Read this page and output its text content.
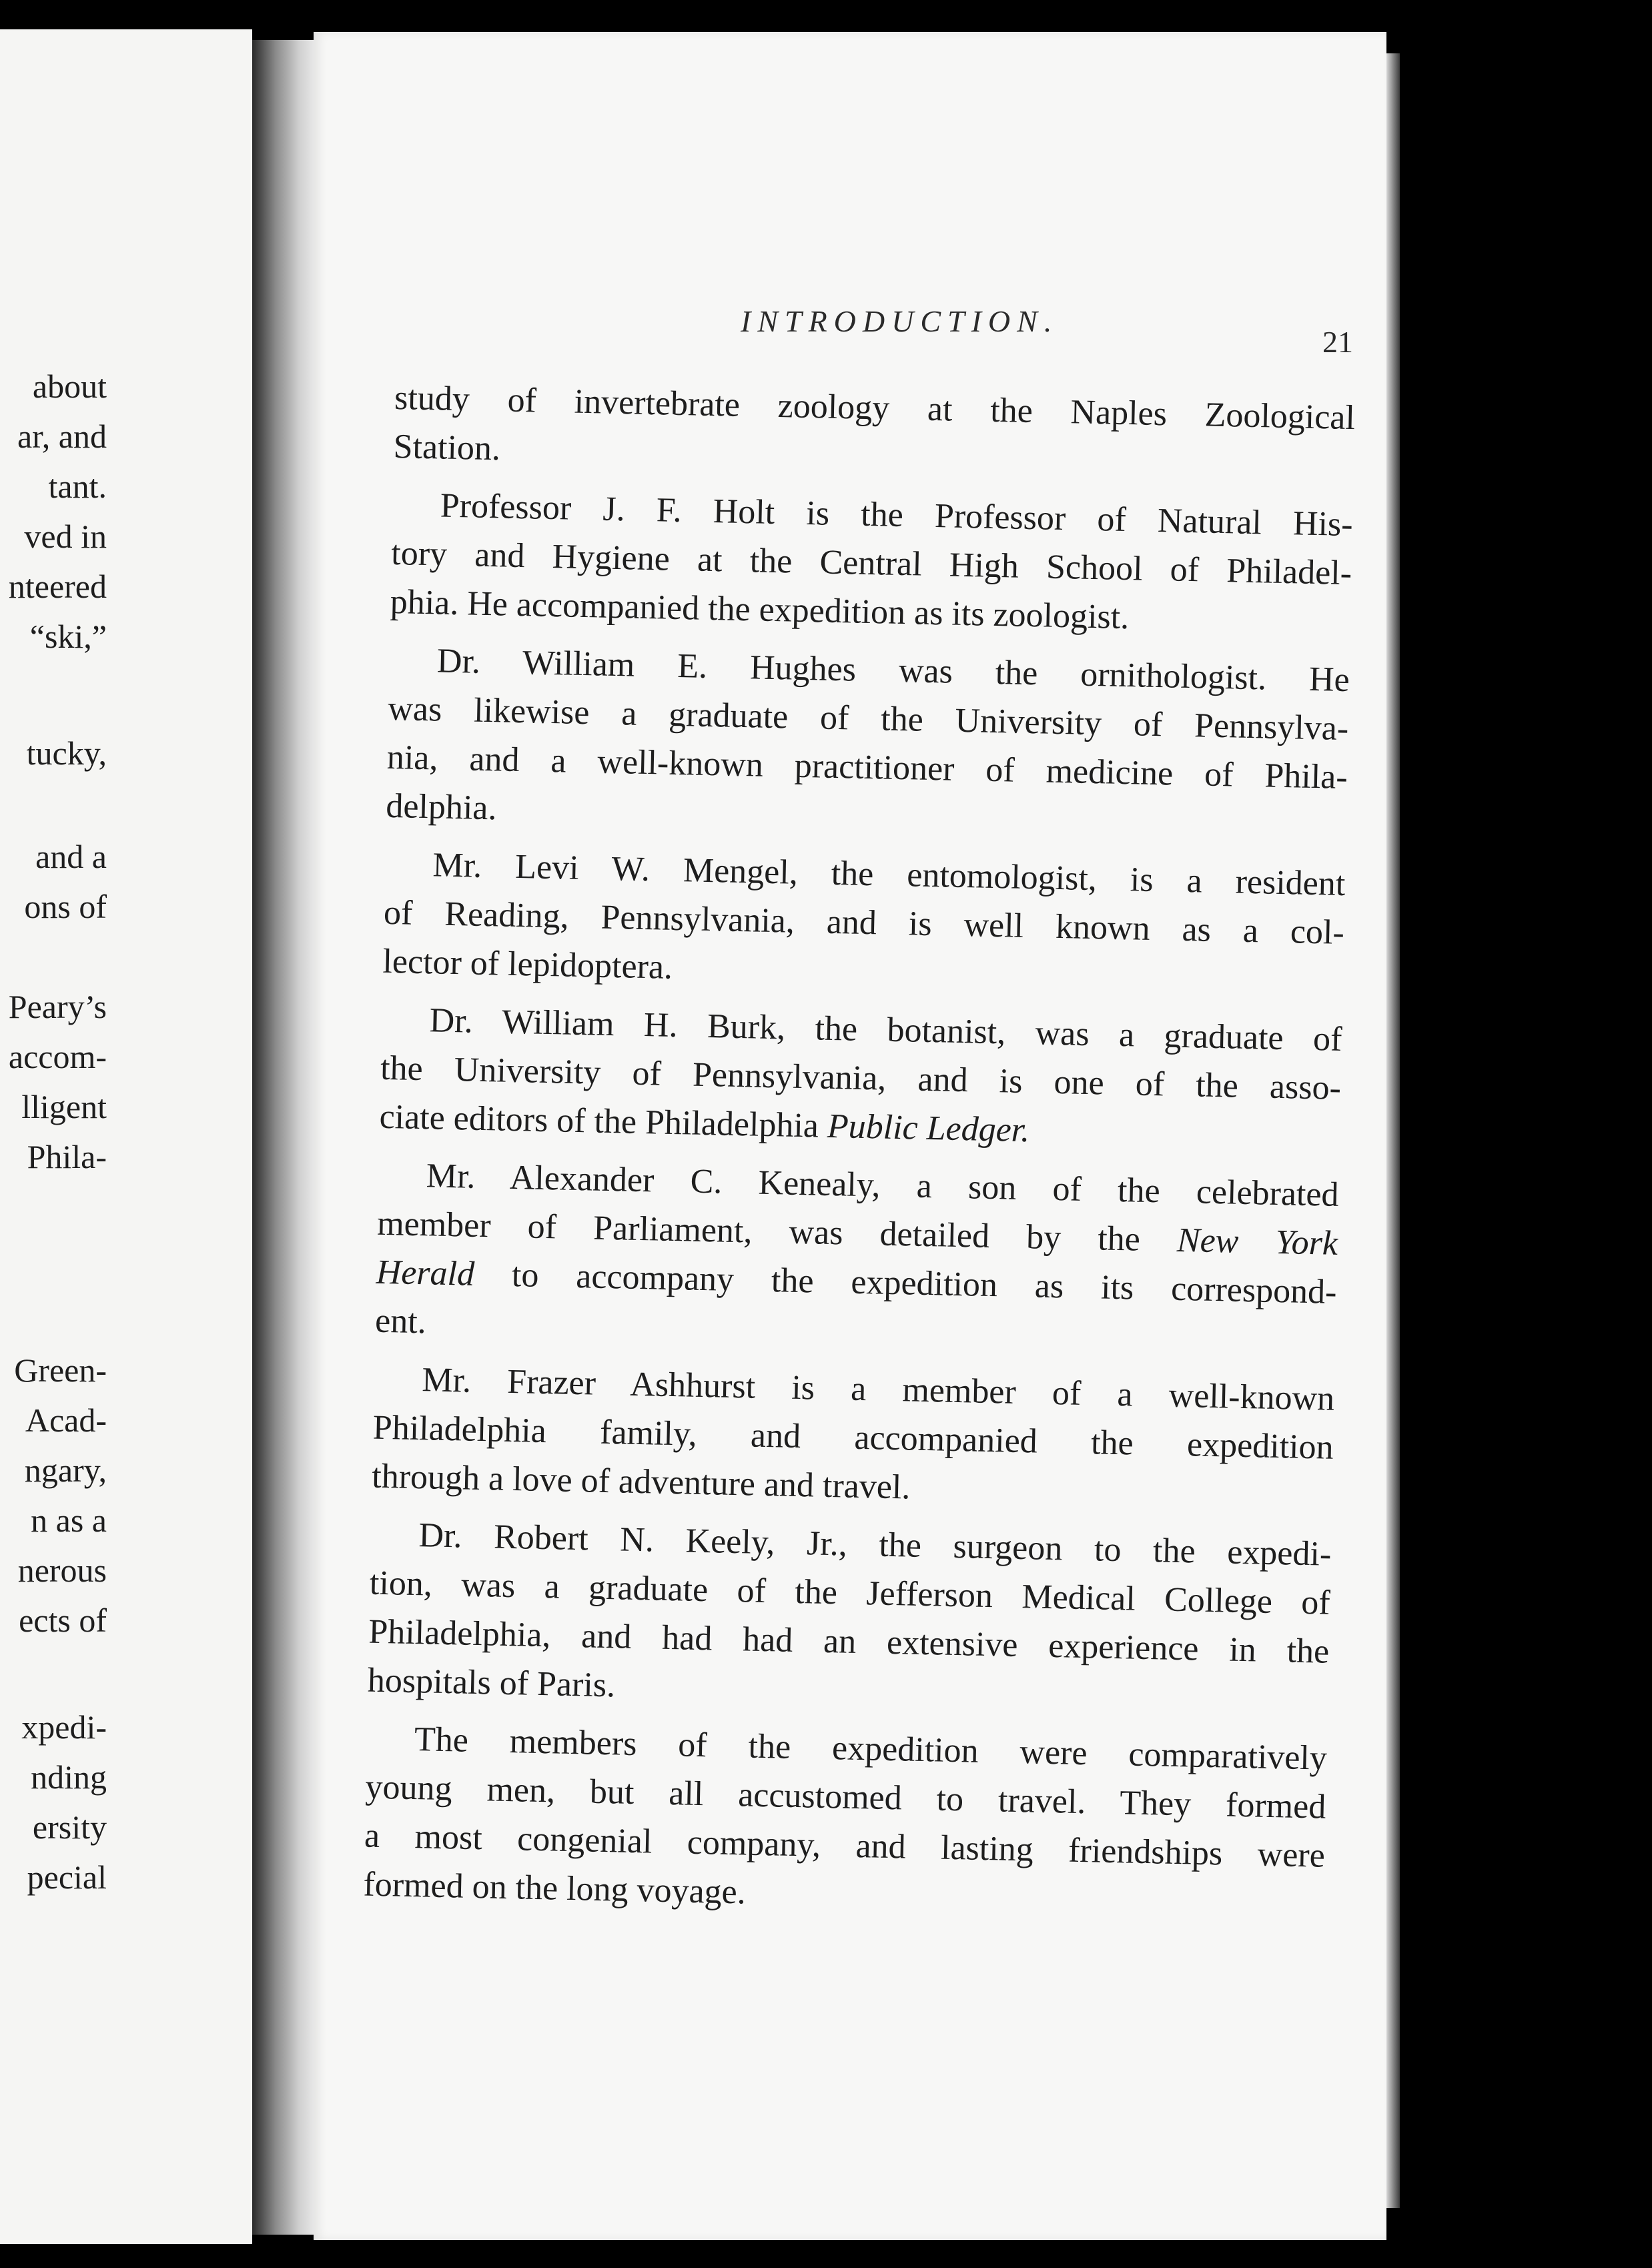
about
ar, and
tant.
ved in
nteered
“ski,”
tucky,
and a
ons of
Peary’s
accom-
lligent
Phila-
Green-
Acad-
ngary,
n as a
nerous
ects of
xpedi-
nding
ersity
pecial
INTRODUCTION.
21
study of invertebrate zoology at the Naples Zoological
Station.
Professor J. F. Holt is the Professor of Natural His-
tory and Hygiene at the Central High School of Philadel-
phia. He accompanied the expedition as its zoologist.
Dr. William E. Hughes was the ornithologist. He
was likewise a graduate of the University of Pennsylva-
nia, and a well-known practitioner of medicine of Phila-
delphia.
Mr. Levi W. Mengel, the entomologist, is a resident
of Reading, Pennsylvania, and is well known as a col-
lector of lepidoptera.
Dr. William H. Burk, the botanist, was a graduate of
the University of Pennsylvania, and is one of the asso-
ciate editors of the Philadelphia Public Ledger.
Mr. Alexander C. Kenealy, a son of the celebrated
member of Parliament, was detailed by the New York
Herald to accompany the expedition as its correspond-
ent.
Mr. Frazer Ashhurst is a member of a well-known
Philadelphia family, and accompanied the expedition
through a love of adventure and travel.
Dr. Robert N. Keely, Jr., the surgeon to the expedi-
tion, was a graduate of the Jefferson Medical College of
Philadelphia, and had had an extensive experience in the
hospitals of Paris.
The members of the expedition were comparatively
young men, but all accustomed to travel. They formed
a most congenial company, and lasting friendships were
formed on the long voyage.
